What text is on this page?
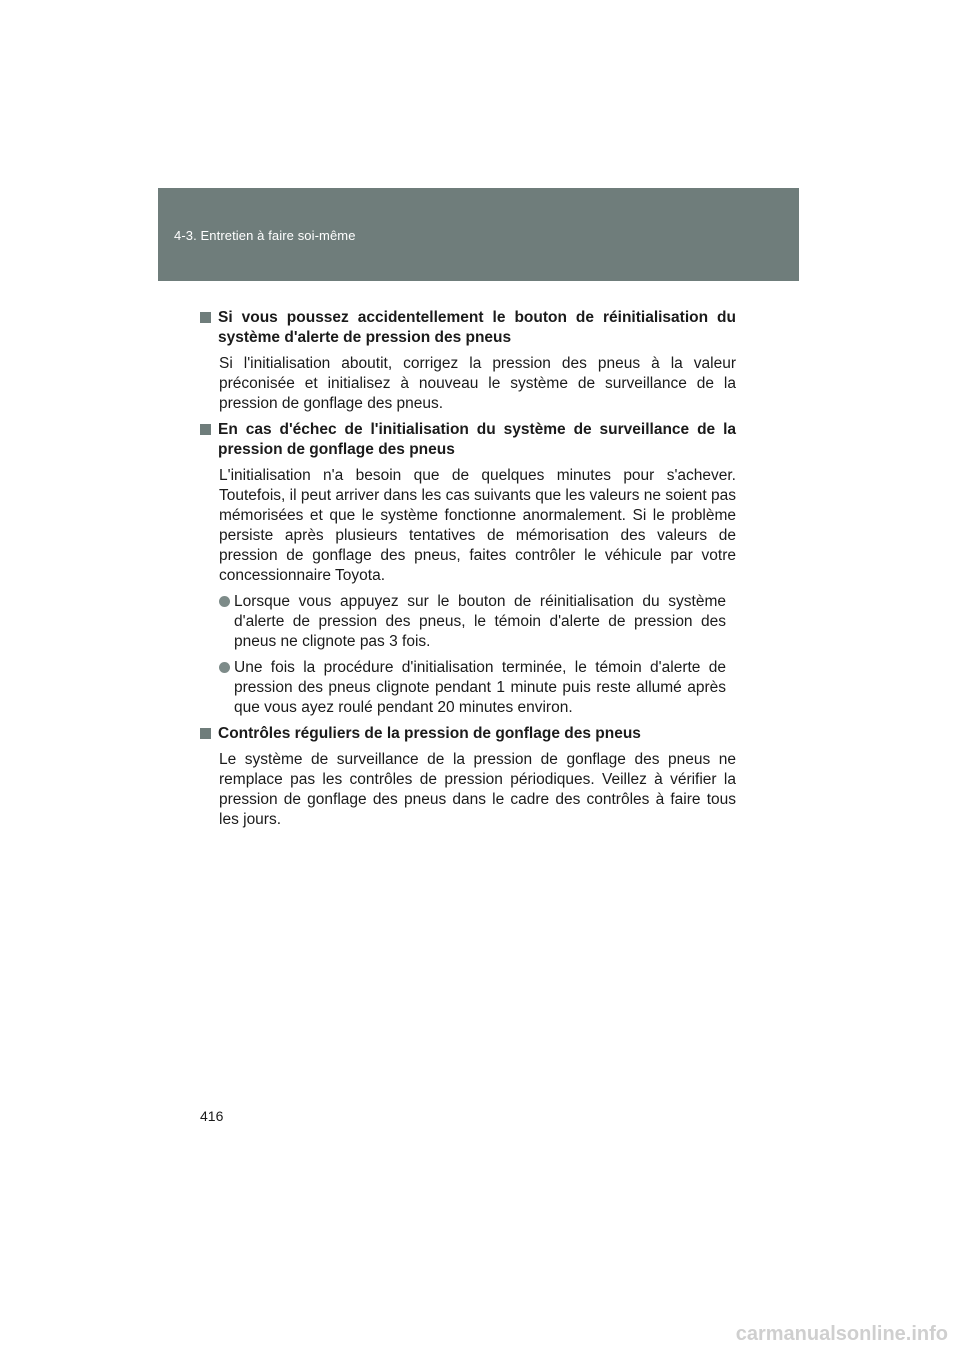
4-3. Entretien à faire soi-même
Si vous poussez accidentellement le bouton de réinitialisation du système d'alerte de pression des pneus

Si l'initialisation aboutit, corrigez la pression des pneus à la valeur préconisée et initialisez à nouveau le système de surveillance de la pression de gonflage des pneus.

En cas d'échec de l'initialisation du système de surveillance de la pression de gonflage des pneus

L'initialisation n'a besoin que de quelques minutes pour s'achever. Toutefois, il peut arriver dans les cas suivants que les valeurs ne soient pas mémorisées et que le système fonctionne anormalement. Si le problème persiste après plusieurs tentatives de mémorisation des valeurs de pression de gonflage des pneus, faites contrôler le véhicule par votre concessionnaire Toyota.

Lorsque vous appuyez sur le bouton de réinitialisation du système d'alerte de pression des pneus, le témoin d'alerte de pression des pneus ne clignote pas 3 fois.
Une fois la procédure d'initialisation terminée, le témoin d'alerte de pression des pneus clignote pendant 1 minute puis reste allumé après que vous ayez roulé pendant 20 minutes environ.
Contrôles réguliers de la pression de gonflage des pneus

Le système de surveillance de la pression de gonflage des pneus ne remplace pas les contrôles de pression périodiques. Veillez à vérifier la pression de gonflage des pneus dans le cadre des contrôles à faire tous les jours.

416
carmanualsonline.info
